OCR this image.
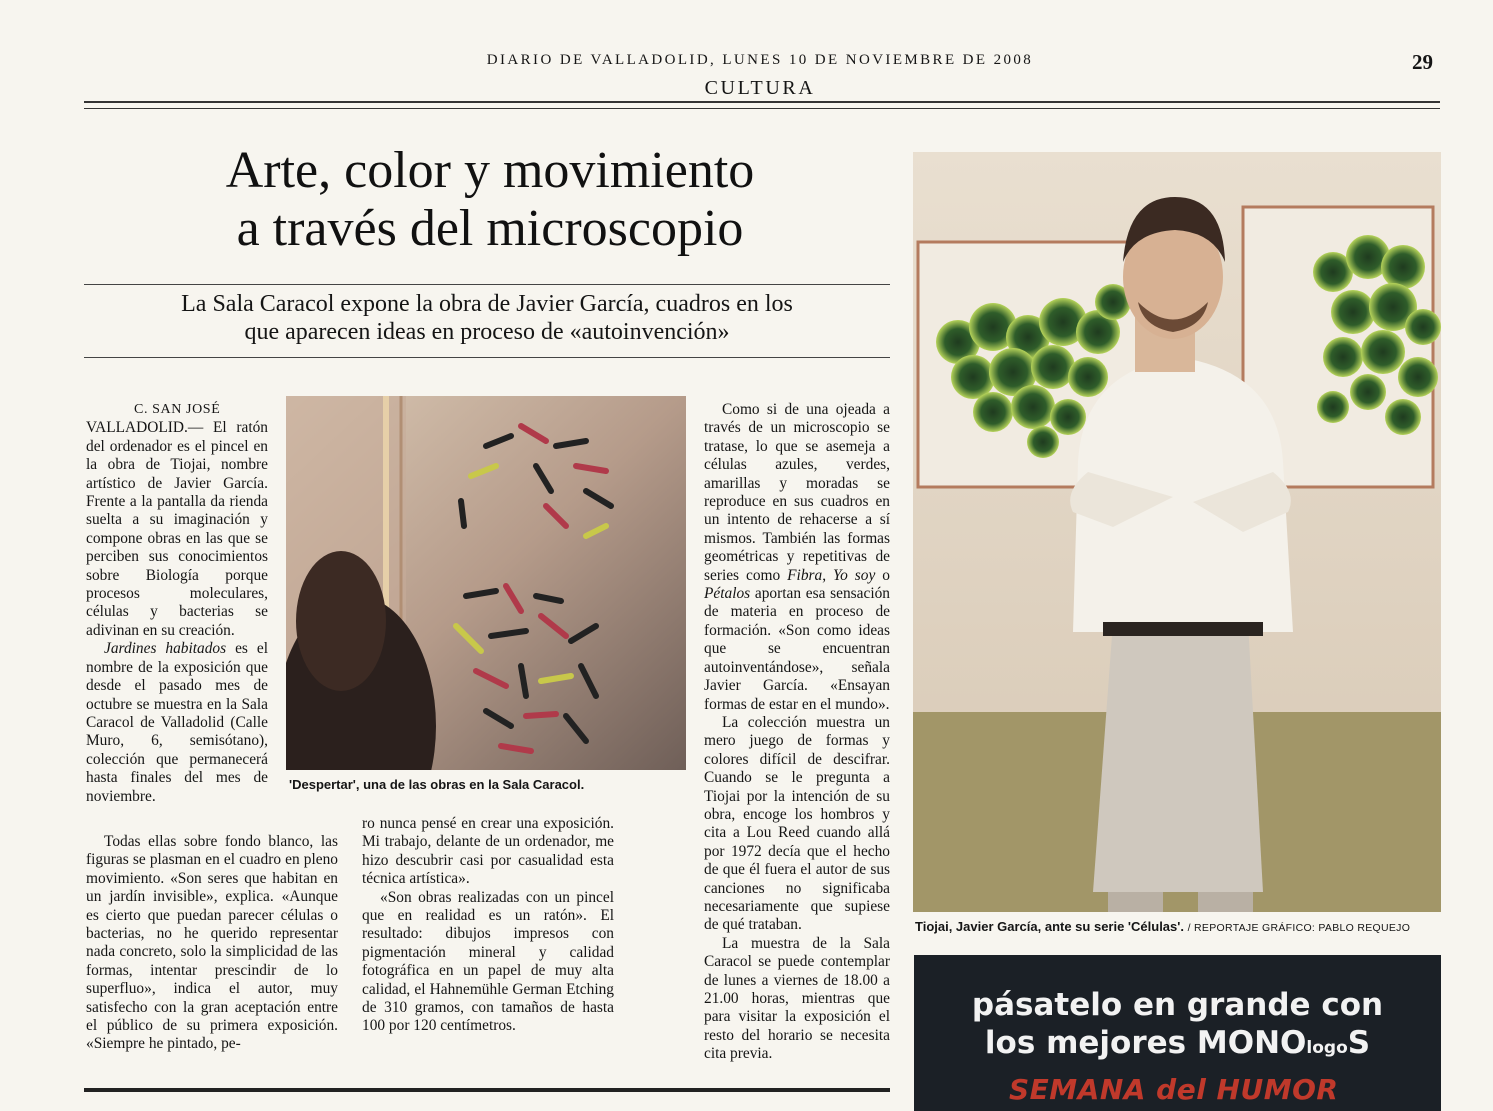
DIARIO DE VALLADOLID, LUNES 10 DE NOVIEMBRE DE 2008
CULTURA
29
Arte, color y movimiento
a través del microscopio
La Sala Caracol expone la obra de Javier García, cuadros en los
que aparecen ideas en proceso de «autoinvención»
C. SAN JOSÉ

VALLADOLID.— El ratón del ordenador es el pincel en la obra de Tiojai, nombre artístico de Javier García. Frente a la pantalla da rienda suelta a su imaginación y compone obras en las que se perciben sus conocimientos sobre Biología porque procesos moleculares, células y bacterias se adivinan en su creación.

Jardines habitados es el nombre de la exposición que desde el pasado mes de octubre se muestra en la Sala Caracol de Valladolid (Calle Muro, 6, semisótano), colección que permanecerá hasta finales del mes de noviembre.

Todas ellas sobre fondo blanco, las figuras se plasman en el cuadro en pleno movimiento. «Son seres que habitan en un jardín invisible», explica. «Aunque es cierto que puedan parecer células o bacterias, no he querido representar nada concreto, solo la simplicidad de las formas, intentar prescindir de lo superfluo», indica el autor, muy satisfecho con la gran aceptación entre el público de su primera exposición. «Siempre he pintado, pe-

'Despertar', una de las obras en la Sala Caracol.

ro nunca pensé en crear una exposición. Mi trabajo, delante de un ordenador, me hizo descubrir casi por casualidad esta técnica artística».

«Son obras realizadas con un pincel que en realidad es un ratón». El resultado: dibujos impresos con pigmentación mineral y calidad fotográfica en un papel de muy alta calidad, el Hahnemühle German Etching de 310 gramos, con tamaños de hasta 100 por 120 centímetros.

Como si de una ojeada a través de un microscopio se tratase, lo que se asemeja a células azules, verdes, amarillas y moradas se reproduce en sus cuadros en un intento de rehacerse a sí mismos. También las formas geométricas y repetitivas de series como Fibra, Yo soy o Pétalos aportan esa sensación de materia en proceso de formación. «Son como ideas que se encuentran autoinventándose», señala Javier García. «Ensayan formas de estar en el mundo».

La colección muestra un mero juego de formas y colores difícil de descifrar. Cuando se le pregunta a Tiojai por la intención de su obra, encoge los hombros y cita a Lou Reed cuando allá por 1972 decía que el hecho de que él fuera el autor de sus canciones no significaba necesariamente que supiese de qué trataban.

La muestra de la Sala Caracol se puede contemplar de lunes a viernes de 18.00 a 21.00 horas, mientras que para visitar la exposición el resto del horario se necesita cita previa.

Tiojai, Javier García, ante su serie 'Células'. / REPORTAJE GRÁFICO: PABLO REQUEJO
pásatelo en grande con
los mejores MONOlogoS
SEMANA del HUMOR
